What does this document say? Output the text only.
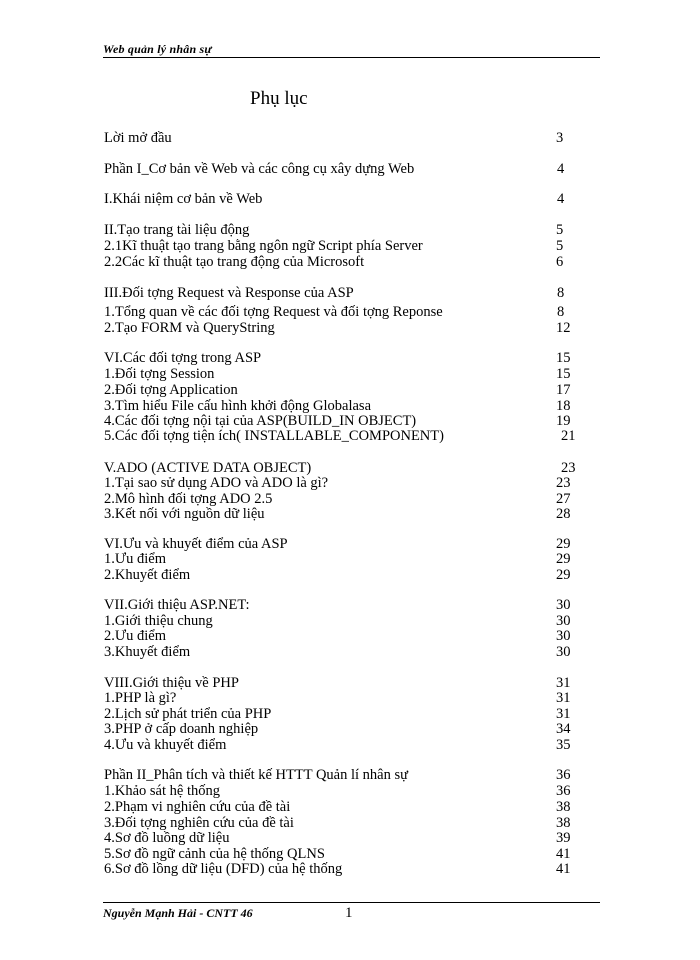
Web quản lý nhân sự
Phụ lục
Lời mở đầu	3
Phần I_Cơ bản về Web và các công cụ xây dựng Web	4
I.Khái niệm cơ bản về Web	4
II.Tạo trang tài liệu động	5
2.1Kĩ thuật tạo trang bằng ngôn ngữ Script phía Server	5
2.2Các kĩ thuật tạo trang động của Microsoft	6
III.Đối tợng Request và Response của ASP	8
1.Tổng quan về các đối tợng Request và đối tợng Reponse	8
2.Tạo FORM và QueryString	12
VI.Các đối tợng trong ASP	15
1.Đối tợng Session	15
2.Đối tợng Application	17
3.Tìm hiểu File cấu hình khởi động Globalasa	18
4.Các đối tợng nội tại của ASP(BUILD_IN OBJECT)	19
5.Các đối tợng tiện ích( INSTALLABLE_COMPONENT)	21
V.ADO (ACTIVE DATA OBJECT)	23
1.Tại sao sử dụng ADO và ADO là gì?	23
2.Mô hình đối tợng ADO 2.5	27
3.Kết nối với nguồn dữ liệu	28
VI.Ưu và khuyết điểm của ASP	29
1.Ưu điểm	29
2.Khuyết điểm	29
VII.Giới thiệu ASP.NET:	30
1.Giới thiệu chung	30
2.Ưu điểm	30
3.Khuyết điểm	30
VIII.Giới thiệu về PHP	31
1.PHP là gì?	31
2.Lịch sử phát triển của PHP	31
3.PHP ở cấp doanh nghiệp	34
4.Ưu và khuyết điểm	35
Phần II_Phân tích và thiết kế HTTT Quản lí nhân sự	36
1.Khảo sát hệ thống	36
2.Phạm vi nghiên cứu của đề tài	38
3.Đối tợng nghiên cứu của đề tài	38
4.Sơ đồ luồng dữ liệu	39
5.Sơ đồ ngữ cảnh của hệ thống QLNS	41
6.Sơ đồ lồng dữ liệu (DFD) của hệ thống	41
Nguyễn Mạnh Hải - CNTT 46	1
